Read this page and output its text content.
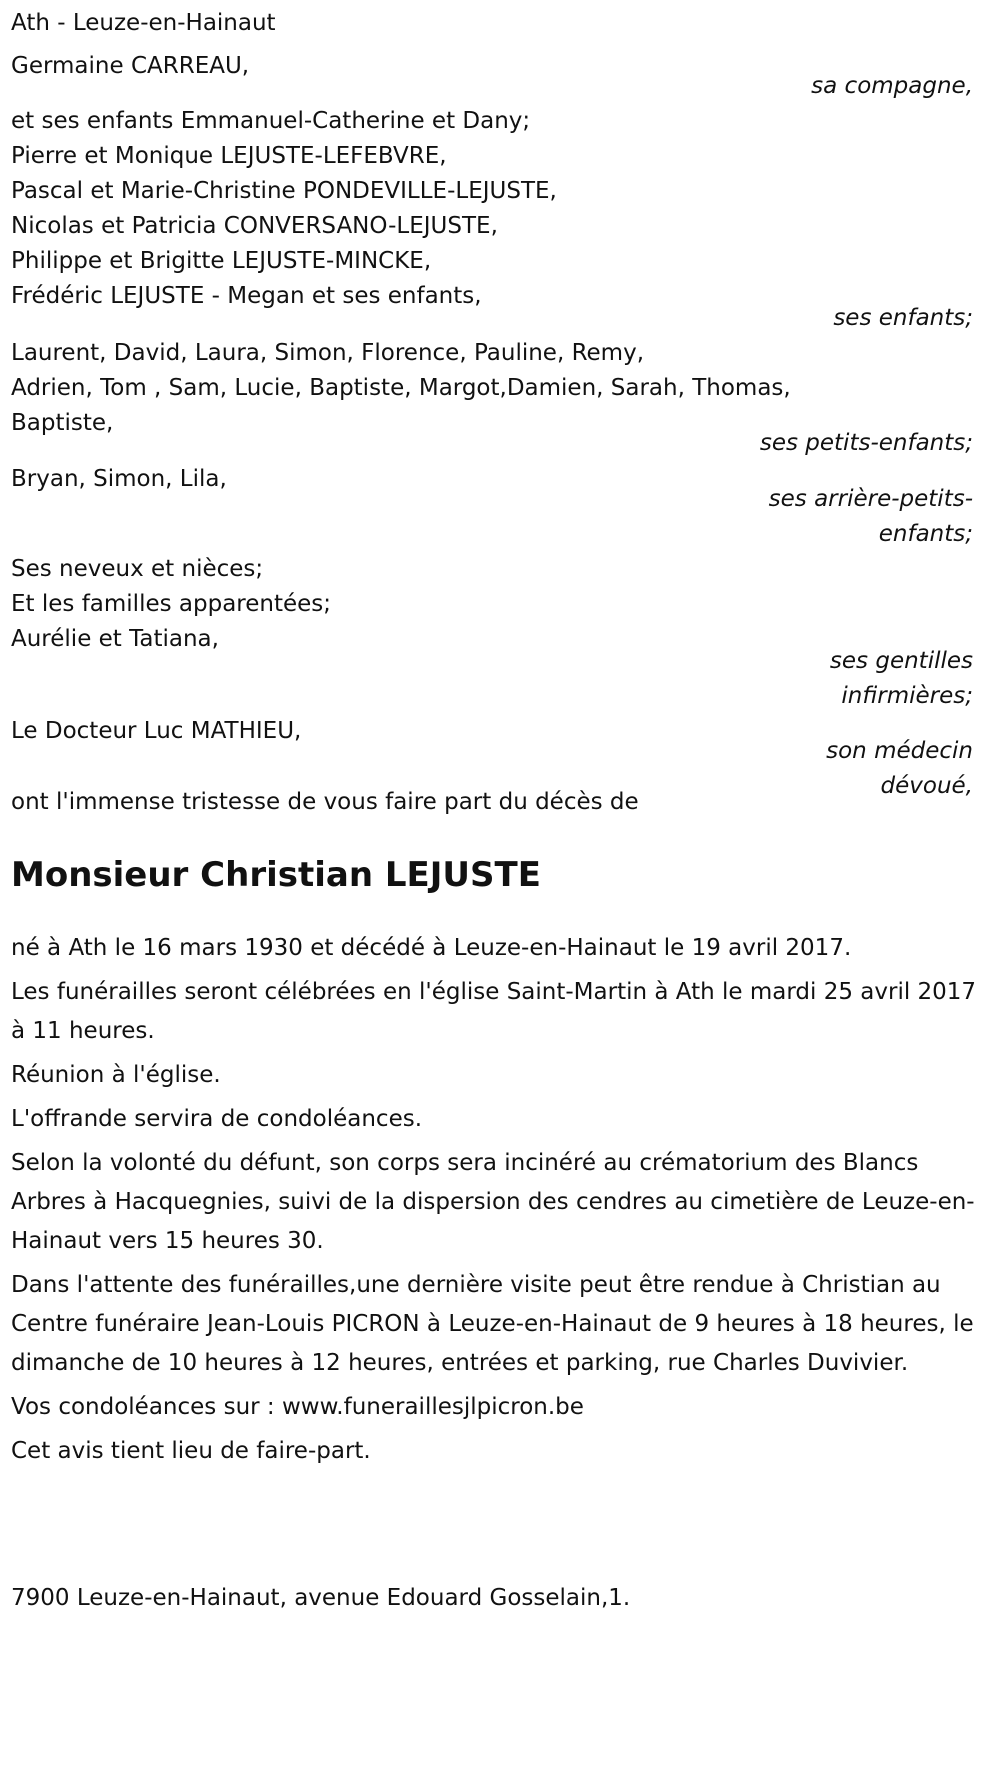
Ath - Leuze-en-Hainaut
Germaine CARREAU,
sa compagne,
et ses enfants Emmanuel-Catherine et Dany;
Pierre et Monique LEJUSTE-LEFEBVRE,
Pascal et Marie-Christine PONDEVILLE-LEJUSTE,
Nicolas et Patricia CONVERSANO-LEJUSTE,
Philippe et Brigitte LEJUSTE-MINCKE,
Frédéric LEJUSTE - Megan et ses enfants,
ses enfants;
Laurent, David, Laura, Simon, Florence, Pauline, Remy,
Adrien, Tom , Sam, Lucie, Baptiste, Margot,Damien, Sarah, Thomas,
Baptiste,
ses petits-enfants;
Bryan, Simon, Lila,
ses arrière-petits-
enfants;
Ses neveux et nièces;
Et les familles apparentées;
Aurélie et Tatiana,
ses gentilles
infirmières;
Le Docteur Luc MATHIEU,
son médecin
dévoué,
ont l'immense tristesse de vous faire part du décès de
Monsieur Christian LEJUSTE
né à Ath le 16 mars 1930 et décédé à Leuze-en-Hainaut le 19 avril 2017.
Les funérailles seront célébrées en l'église Saint-Martin à Ath le mardi 25 avril 2017 à 11 heures.
Réunion à l'église.
L'offrande servira de condoléances.
Selon la volonté du défunt, son corps sera incinéré au crématorium des Blancs Arbres à Hacquegnies, suivi de la dispersion des cendres au cimetière de Leuze-en-Hainaut vers 15 heures 30.
Dans l'attente des funérailles,une dernière visite peut être rendue à Christian au Centre funéraire Jean-Louis PICRON à Leuze-en-Hainaut de 9 heures à 18 heures, le dimanche de 10 heures à 12 heures, entrées et parking, rue Charles Duvivier.
Vos condoléances sur : www.funeraillesjlpicron.be
Cet avis tient lieu de faire-part.
7900 Leuze-en-Hainaut, avenue Edouard Gosselain,1.
